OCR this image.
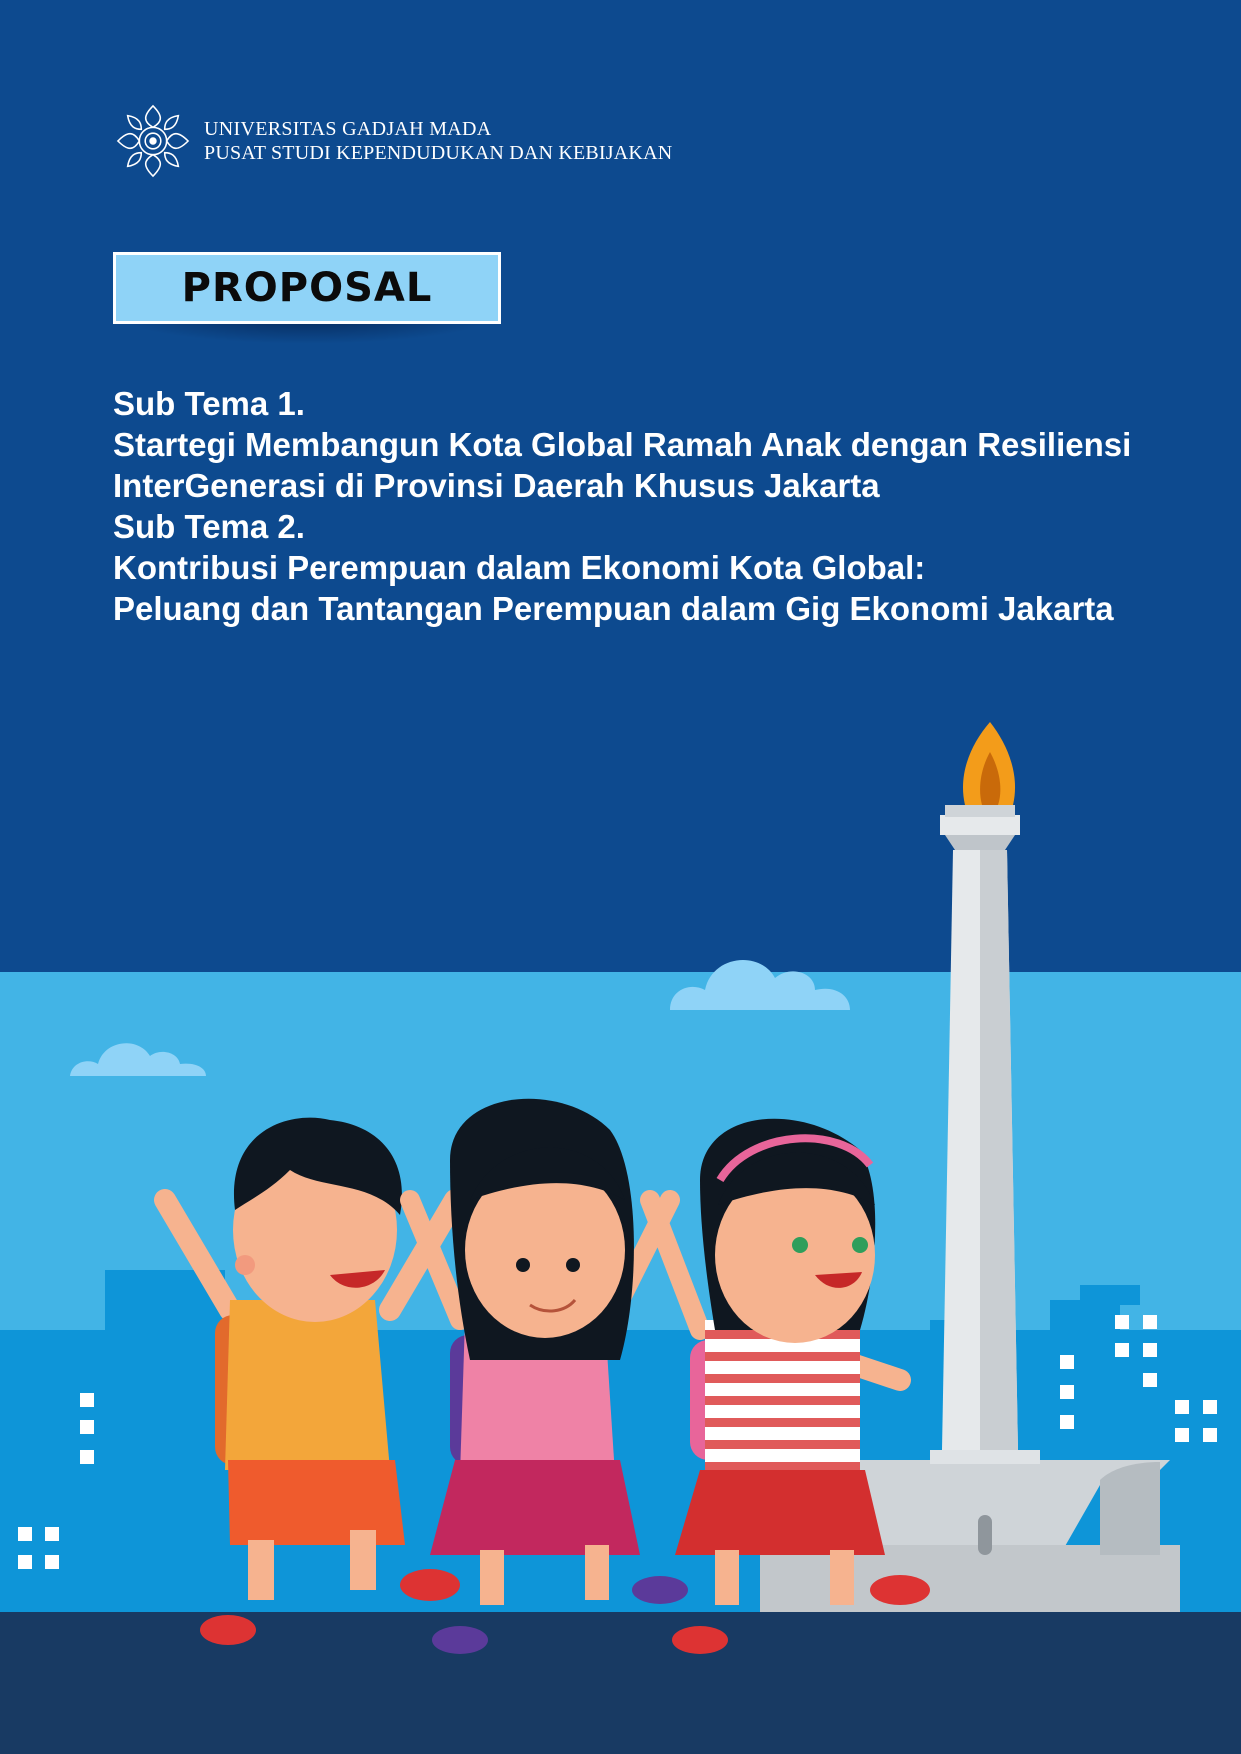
UNIVERSITAS GADJAH MADA
PUSAT STUDI KEPENDUDUKAN DAN KEBIJAKAN
PROPOSAL
Sub Tema 1.
Startegi Membangun Kota Global Ramah Anak dengan Resiliensi
InterGenerasi di Provinsi Daerah Khusus Jakarta
Sub Tema 2.
Kontribusi Perempuan dalam Ekonomi Kota Global:
Peluang dan Tantangan Perempuan dalam Gig Ekonomi Jakarta
